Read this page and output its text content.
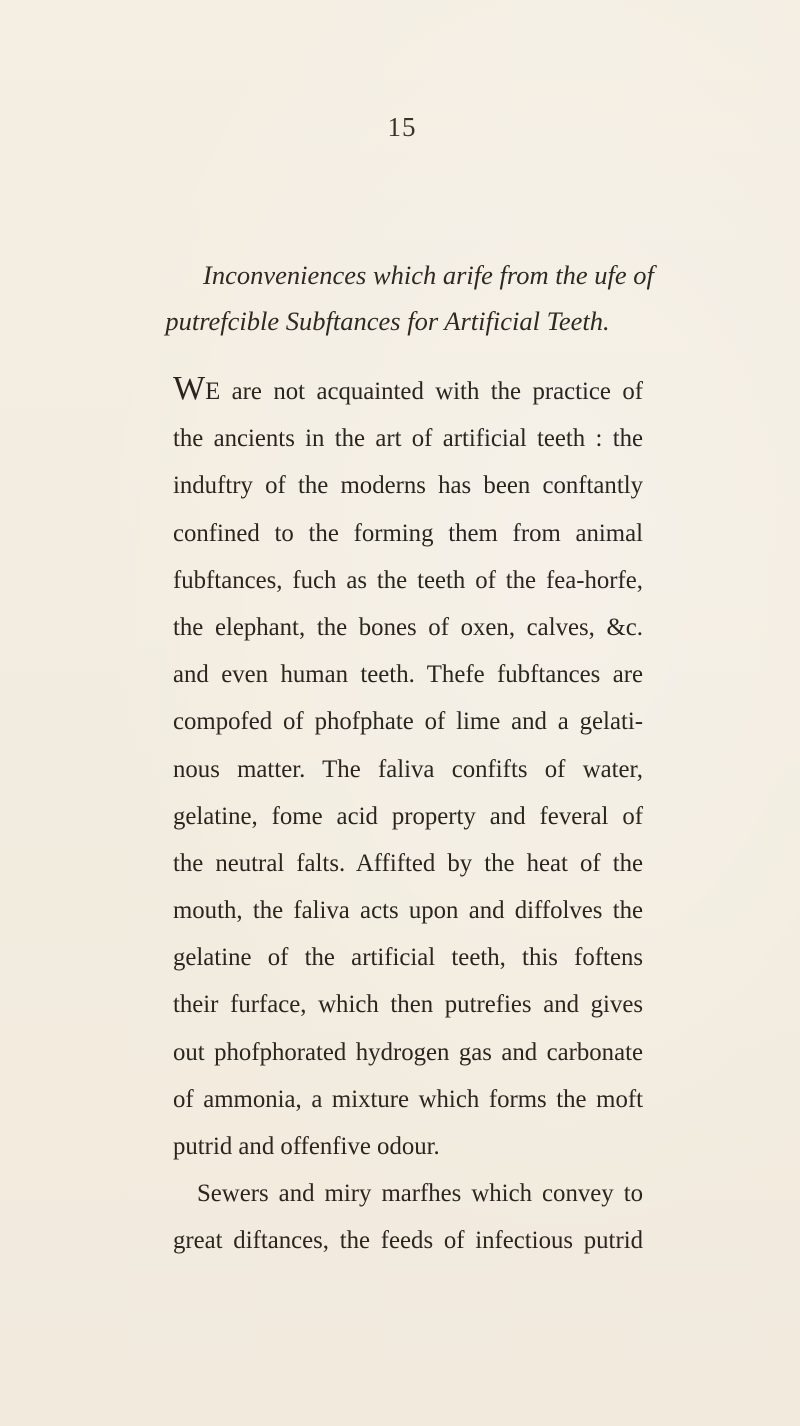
15
Inconveniences which arife from the ufe of
putrefcible Subftances for Artificial Teeth.
WE are not acquainted with the practice of
the ancients in the art of artificial teeth : the
induftry of the moderns has been conftantly
confined to the forming them from animal
fubftances, fuch as the teeth of the fea-horfe,
the elephant, the bones of oxen, calves, &c.
and even human teeth. Thefe fubftances are
compofed of phofphate of lime and a gelati-
nous matter. The faliva confifts of water,
gelatine, fome acid property and feveral of
the neutral falts. Affifted by the heat of the
mouth, the faliva acts upon and diffolves the
gelatine of the artificial teeth, this foftens
their furface, which then putrefies and gives
out phofphorated hydrogen gas and carbonate
of ammonia, a mixture which forms the moft
putrid and offenfive odour.
Sewers and miry marfhes which convey to
great diftances, the feeds of infectious putrid
